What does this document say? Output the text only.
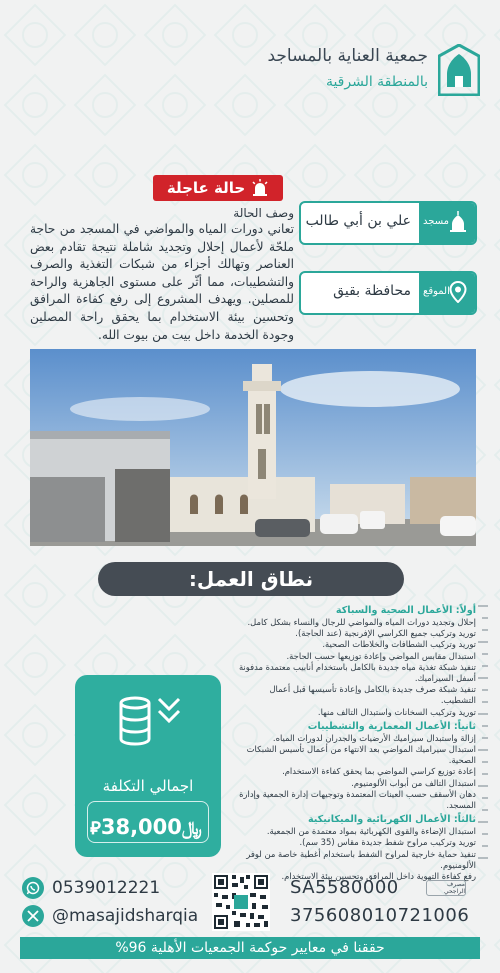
جمعية العناية بالمساجد
بالمنطقة الشرقية
حالة عاجلة
وصف الحالة
تعاني دورات المياه والمواضي في المسجد من حاجة ملحّة لأعمال إحلال وتجديد شاملة نتيجة تقادم بعض العناصر وتهالك أجزاء من شبكات التغذية والصرف والتشطيبات، مما أثّر على مستوى الجاهزية والراحة للمصلين. ويهدف المشروع إلى رفع كفاءة المرافق وتحسين بيئة الاستخدام بما يحقق راحة المصلين وجودة الخدمة داخل بيت من بيوت الله.
مسجد
علي بن أبي طالب
الموقع
محافظة بقيق
نطاق العمل:
اجمالي التكلفة
⃁﷼38,000
أولاً: الأعمال الصحية والسباكة
إحلال وتجديد دورات المياه والمواضي للرجال والنساء بشكل كامل.
توريد وتركيب جميع الكراسي الإفرنجية (عند الحاجة).
توريد وتركيب الشطافات والخلاطات الصحية.
استبدال مقابس المواضي وإعادة توزيعها حسب الحاجة.
تنفيذ شبكة تغذية مياه جديدة بالكامل باستخدام أنابيب معتمدة مدفونة أسفل السيراميك.
تنفيذ شبكة صرف جديدة بالكامل وإعادة تأسيسها قبل أعمال التشطيب.
توريد وتركيب السخانات واستبدال التالف منها.
ثانياً: الأعمال المعمارية والتشطيبات
إزالة واستبدال سيراميك الأرضيات والجدران لدورات المياه.
استبدال سيراميك المواضي بعد الانتهاء من أعمال تأسيس الشبكات الصحية.
إعادة توزيع كراسي المواضي بما يحقق كفاءة الاستخدام.
استبدال التالف من أبواب الألومنيوم.
دهان الأسقف حسب العينات المعتمدة وتوجيهات إدارة الجمعية وإدارة المسجد.
ثالثاً: الأعمال الكهربائية والميكانيكية
استبدال الإضاءة والقوى الكهربائية بمواد معتمدة من الجمعية.
توريد وتركيب مراوح شفط جديدة مقاس (35 سم).
تنفيذ حماية خارجية لمراوح الشفط باستخدام أغطية خاصة من لوفر الألومنيوم.
رفع كفاءة التهوية داخل المرافق وتحسين بيئة الاستخدام.
0539012221
@masajidsharqia
مصرف الراجحي
SA5580000
375608010721006
حققنا في معايير حوكمة الجمعيات الأهلية 96%
